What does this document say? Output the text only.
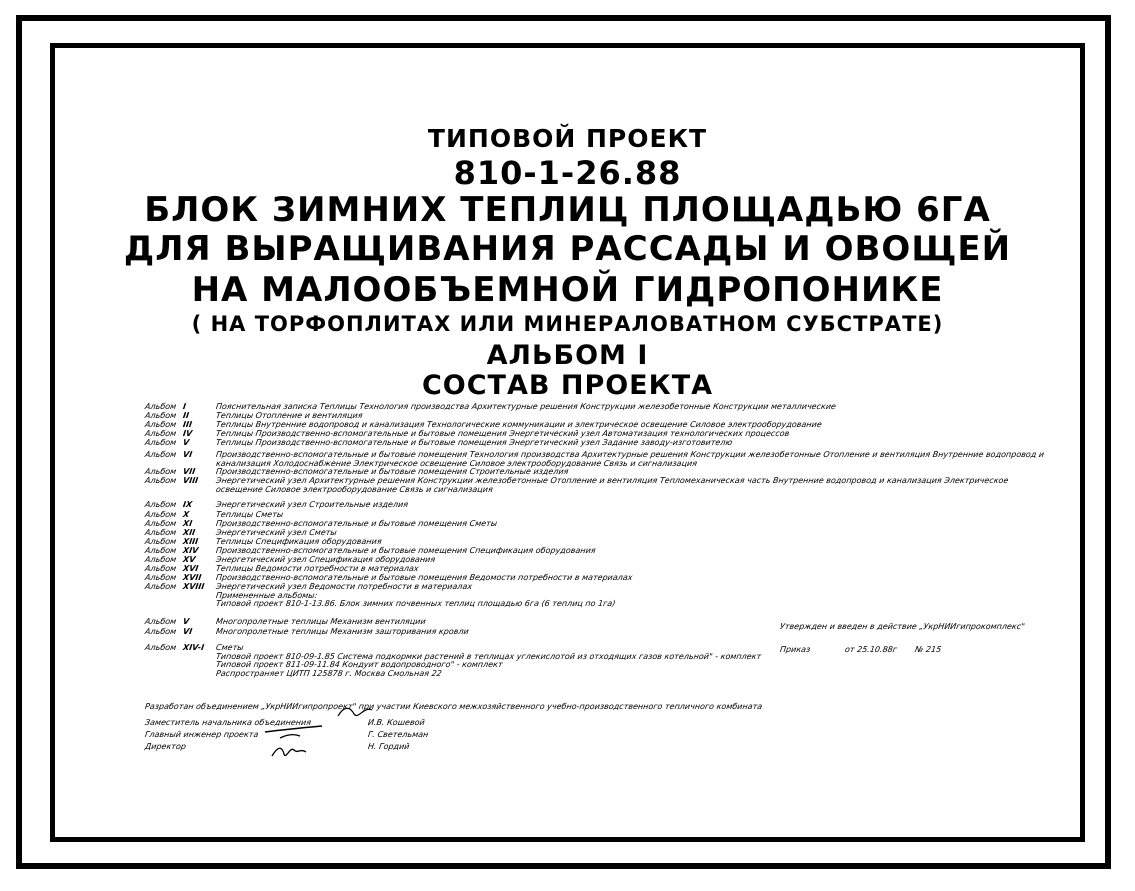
ТИПОВОЙ ПРОЕКТ
810-1-26.88
БЛОК ЗИМНИХ ТЕПЛИЦ ПЛОЩАДЬЮ 6ГА
ДЛЯ ВЫРАЩИВАНИЯ РАССАДЫ И ОВОЩЕЙ
НА МАЛООБЪЕМНОЙ ГИДРОПОНИКЕ
( НА ТОРФОПЛИТАХ ИЛИ МИНЕРАЛОВАТНОМ СУБСТРАТЕ)
АЛЬБОМ I
СОСТАВ ПРОЕКТА
Альбом I	Пояснительная записка Теплицы Технология производства Архитектурные решения Конструкции железобетонные Конструкции металлические
Альбом II	Теплицы Отопление и вентиляция
Альбом III	Теплицы Внутренние водопровод и канализация Технологические коммуникации и электрическое освещение Силовое электрооборудование
Альбом IV	Теплицы Производственно-вспомогательные и бытовые помещения Энергетический узел Автоматизация технологических процессов
Альбом V	Теплицы Производственно-вспомогательные и бытовые помещения Энергетический узел Задание заводу-изготовителю
Альбом VI	Производственно-вспомогательные и бытовые помещения Технология производства Архитектурные решения Конструкции железобетонные Отопление и вентиляция Внутренние водопровод и
канализация Холодоснабжение Электрическое освещение Силовое электрооборудование Связь и сигнализация
Альбом VII	Производственно-вспомогательные и бытовые помещения Строительные изделия
Альбом VIII	Энергетический узел Архитектурные решения Конструкции железобетонные Отопление и вентиляция Тепломеханическая часть Внутренние водопровод и канализация Электрическое
освещение Силовое электрооборудование Связь и сигнализация
Альбом IX	Энергетический узел Строительные изделия
Альбом X	Теплицы Сметы
Альбом XI	Производственно-вспомогательные и бытовые помещения Сметы
Альбом XII	Энергетический узел Сметы
Альбом XIII	Теплицы Спецификация оборудования
Альбом XIV	Производственно-вспомогательные и бытовые помещения Спецификация оборудования
Альбом XV	Энергетический узел Спецификация оборудования
Альбом XVI	Теплицы Ведомости потребности в материалах
Альбом XVII	Производственно-вспомогательные и бытовые помещения Ведомости потребности в материалах
Альбом XVIII	Энергетический узел Ведомости потребности в материалах
Примененные альбомы:
Типовой проект 810-1-13.86. Блок зимних почвенных теплиц площадью 6га (6 теплиц по 1га)
Альбом V	Многопролетные теплицы Механизм вентиляции
Альбом VI	Многопролетные теплицы Механизм зашторивания кровли
Альбом XIV-I	Сметы
Типовой проект 810-09-1.85 Система подкормки растений в теплицах углекислотой из отходящих газов котельной" - комплект
Типовой проект 811-09-11.84 Кондуит водопроводного" - комплект
Распространяет ЦИТП 125878 г. Москва Смольная 22
Утвержден и введен в действие „УкрНИИгипрокомплекс"
Приказ	от 25.10.88г № 215
Разработан объединением „УкрНИИгипропроект" при участии Киевского межхозяйственного учебно-производственного тепличного комбината
Заместитель начальника объединения	И.В. Кошевой
Главный инженер проекта	Г. Светельман
Директор	Н. Гордий
